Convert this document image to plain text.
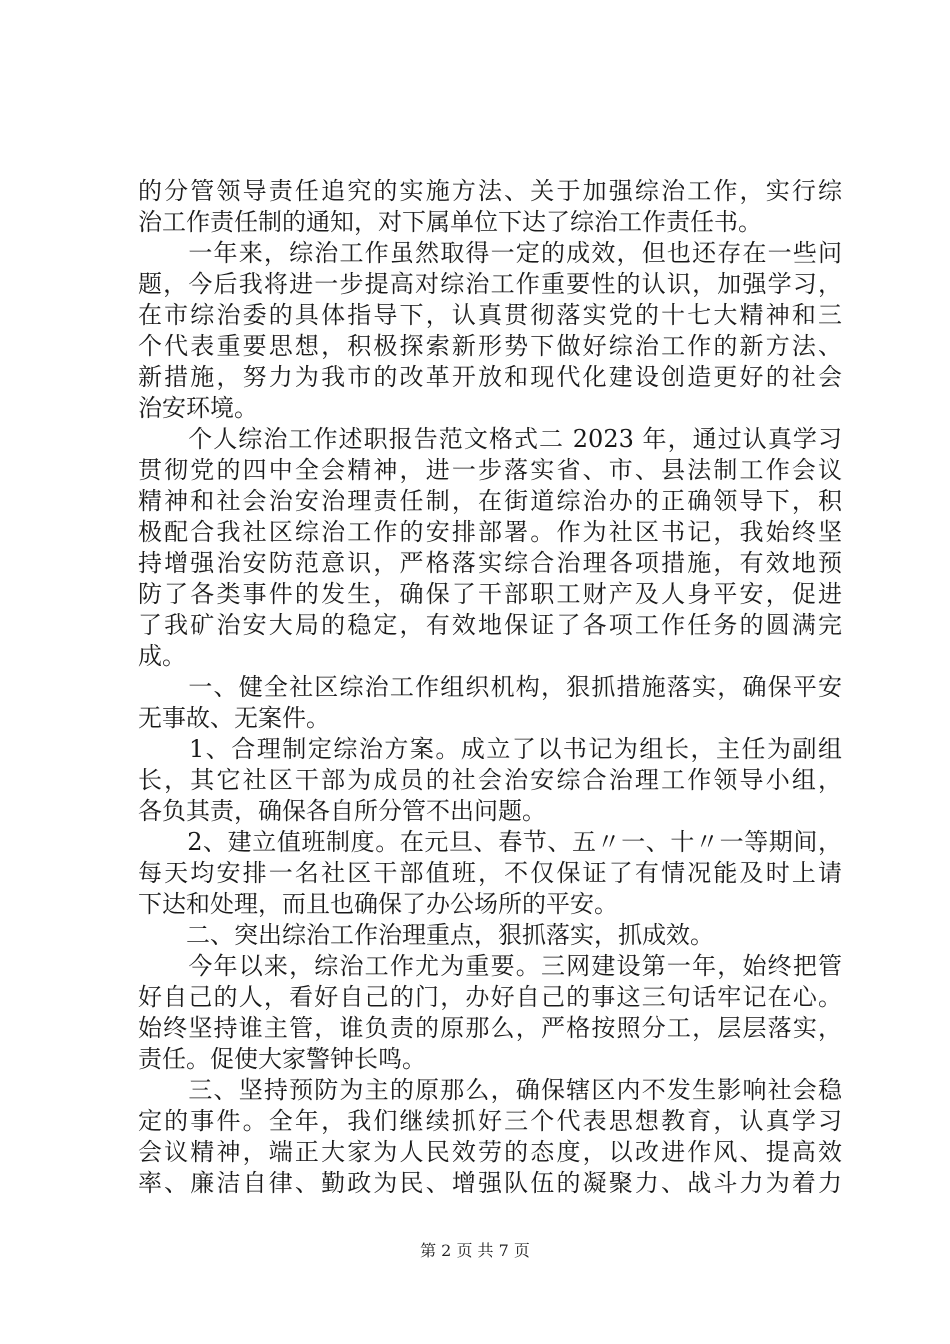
的分管领导责任追究的实施方法、关于加强综治工作，实行综
治工作责任制的通知，对下属单位下达了综治工作责任书。
　　一年来，综治工作虽然取得一定的成效，但也还存在一些问
题，今后我将进一步提高对综治工作重要性的认识，加强学习，
在市综治委的具体指导下，认真贯彻落实党的十七大精神和三
个代表重要思想，积极探索新形势下做好综治工作的新方法、
新措施，努力为我市的改革开放和现代化建设创造更好的社会
治安环境。
　　个人综治工作述职报告范文格式二 2023 年，通过认真学习
贯彻党的四中全会精神，进一步落实省、市、县法制工作会议
精神和社会治安治理责任制，在街道综治办的正确领导下，积
极配合我社区综治工作的安排部署。作为社区书记，我始终坚
持增强治安防范意识，严格落实综合治理各项措施，有效地预
防了各类事件的发生，确保了干部职工财产及人身平安，促进
了我矿治安大局的稳定，有效地保证了各项工作任务的圆满完
成。
　　一、健全社区综治工作组织机构，狠抓措施落实，确保平安
无事故、无案件。
　　1、合理制定综治方案。成立了以书记为组长，主任为副组
长，其它社区干部为成员的社会治安综合治理工作领导小组，
各负其责，确保各自所分管不出问题。
　　2、建立值班制度。在元旦、春节、五〃一、十〃一等期间，
每天均安排一名社区干部值班，不仅保证了有情况能及时上请
下达和处理，而且也确保了办公场所的平安。
　　二、突出综治工作治理重点，狠抓落实，抓成效。
　　今年以来，综治工作尤为重要。三网建设第一年，始终把管
好自己的人，看好自己的门，办好自己的事这三句话牢记在心。
始终坚持谁主管，谁负责的原那么，严格按照分工，层层落实，
责任。促使大家警钟长鸣。
　　三、坚持预防为主的原那么，确保辖区内不发生影响社会稳
定的事件。全年，我们继续抓好三个代表思想教育，认真学习
会议精神，端正大家为人民效劳的态度，以改进作风、提高效
率、廉洁自律、勤政为民、增强队伍的凝聚力、战斗力为着力
第 2 页 共 7 页
